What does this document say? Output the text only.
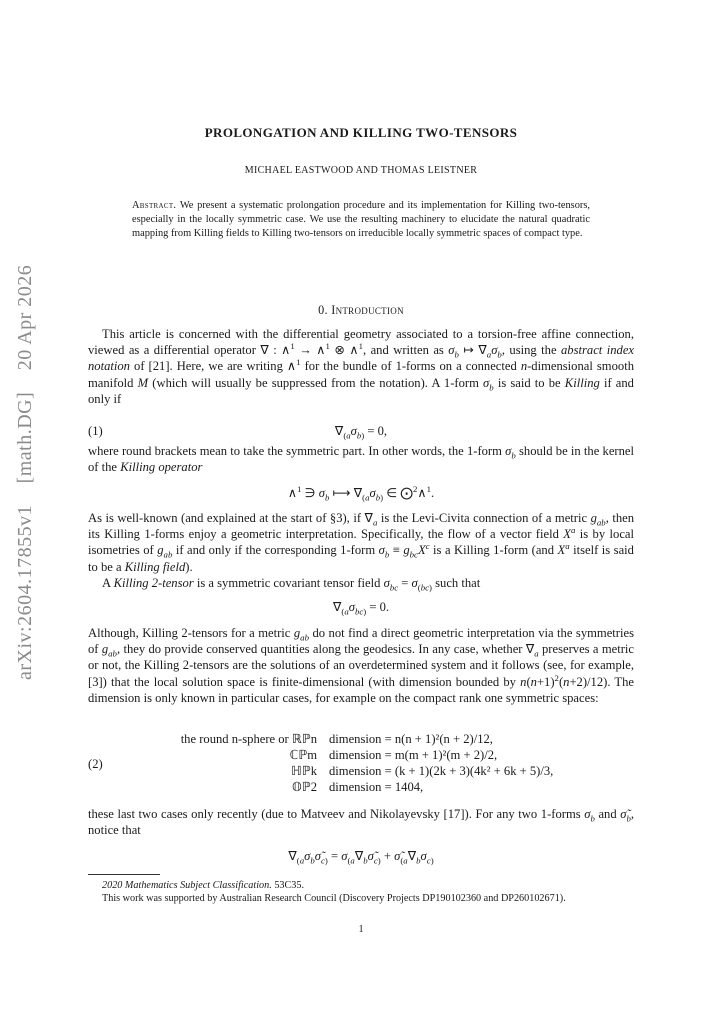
arXiv:2604.17855v1 [math.DG] 20 Apr 2026
PROLONGATION AND KILLING TWO-TENSORS
MICHAEL EASTWOOD AND THOMAS LEISTNER
Abstract. We present a systematic prolongation procedure and its implementation for Killing two-tensors, especially in the locally symmetric case. We use the resulting machinery to elucidate the natural quadratic mapping from Killing fields to Killing two-tensors on irreducible locally symmetric spaces of compact type.
0. Introduction
This article is concerned with the differential geometry associated to a torsion-free affine connection, viewed as a differential operator ∇ : ∧$^1$ → ∧$^1$ ⊗ ∧$^1$, and written as $\sigma_b$ ↦ $\nabla_a\sigma_b$, using the abstract index notation of [21]. Here, we are writing ∧$^1$ for the bundle of 1-forms on a connected n-dimensional smooth manifold M (which will usually be suppressed from the notation). A 1-form $\sigma_b$ is said to be Killing if and only if
(1)	$\nabla_{(a}\sigma_{b)} = 0$,
where round brackets mean to take the symmetric part. In other words, the 1-form $\sigma_b$ should be in the kernel of the Killing operator
∧$^1$ ∋ $\sigma_b$ ⟼ $\nabla_{(a}\sigma_{b)}$ ∈ ⨀$^2$∧$^1$.
As is well-known (and explained at the start of §3), if $\nabla_a$ is the Levi-Civita connection of a metric $g_{ab}$, then its Killing 1-forms enjoy a geometric interpretation. Specifically, the flow of a vector field $X^a$ is by local isometries of $g_{ab}$ if and only if the corresponding 1-form $\sigma_b \equiv g_{bc}X^c$ is a Killing 1-form (and $X^a$ itself is said to be a Killing field).
A Killing 2-tensor is a symmetric covariant tensor field $\sigma_{bc} = \sigma_{(bc)}$ such that
$\nabla_{(a}\sigma_{bc)} = 0$.
Although, Killing 2-tensors for a metric $g_{ab}$ do not find a direct geometric interpretation via the symmetries of $g_{ab}$, they do provide conserved quantities along the geodesics. In any case, whether $\nabla_a$ preserves a metric or not, the Killing 2-tensors are the solutions of an overdetermined system and it follows (see, for example, [3]) that the local solution space is finite-dimensional (with dimension bounded by $n(n+1)^2(n+2)/12$). The dimension is only known in particular cases, for example on the compact rank one symmetric spaces:
(2)
the round n-sphere or ℝℙn dimension = n(n + 1)²(n + 2)/12,
ℂℙm dimension = m(m + 1)²(m + 2)/2,
ℍℙk dimension = (k + 1)(2k + 3)(4k² + 6k + 5)/3,
𝕆ℙ2 dimension = 1404,
these last two cases only recently (due to Matveev and Nikolayevsky [17]). For any two 1-forms $\sigma_b$ and $\sigmã_b$, notice that
$\nabla_{(a}\sigma_b\sigmã_{c)}$ = $\sigma_{(a}\nabla_b\sigmã_{c)}$ + $\sigmã_{(a}\nabla_b\sigma_{c)}$
2020 Mathematics Subject Classification. 53C35.
This work was supported by Australian Research Council (Discovery Projects DP190102360 and DP260102671).
1
